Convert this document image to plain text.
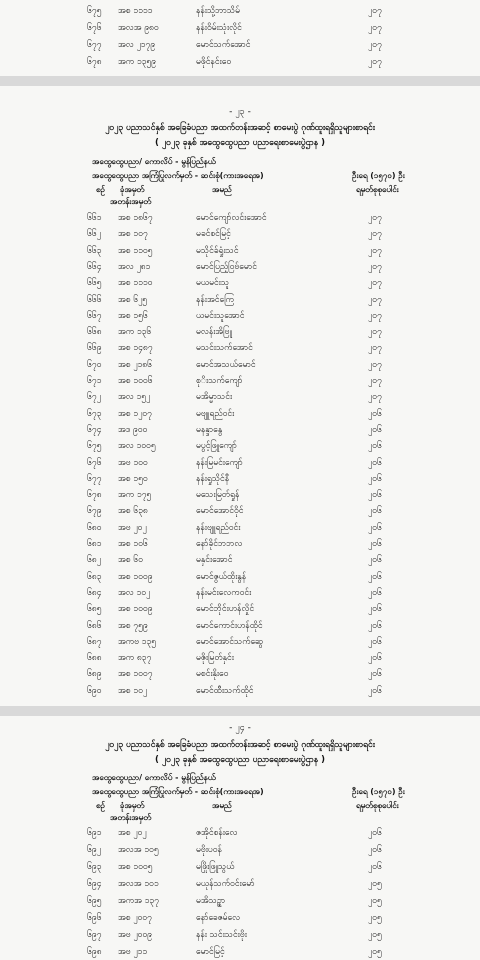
၆၇၅	အစ ၁၁၁၁	နန်းသို့ဘာသိမ်	၂၀၇
၆၇၆	အလအ ၉၈၀	နန်းဝိမ်းသုံးလိုင်	၂၀၇
၆၇၇	အလ ၂၁၇၉	မောင်သက်အောင်	၂၀၇
၆၇၈	အက ၁၃၅၉	မဖိုင်နင်းဝေ	၂၀၇
- ၂၃ -
၂၀၂၃ ပညာသင်နှစ် အခြေခံပညာ အထက်တန်းအဆင့် စာမေးပွဲ ဂုဏ်ထူးရရှိသူများစာရင်း
( ၂၀၂၃ ခုနှစ် အထွေထွေပညာ ပညာရေးစာမေးပွဲဌာန )
အထွေထွေပညာ/ ကောလိပ် - မွန်ပြည်နယ်
အထွေထွေပညာ အကြံပြုလက်မှတ် - ဆင်းစုံ(ကားအရေအ)	ဦးရေ (၁၅၇၀) ဦး
စဉ် ခုံအမှတ်	အမည်	ရမှတ်စုစုပေါင်း
အတန်းအမှတ်
၆၆၁	အစ ၁၈၆၇	မောင်ကျော်လင်းအောင်	၂၀၇
၆၆၂	အစ ၁၀၇	မခင်စင်မြင့်	၂၀၇
၆၆၃	အစ ၁၁၀၅	မသိုင်ခ်ရှုံးသင်	၂၀၇
၆၆၄	အလ ၂၈၁	မောင်ပြည့်ဝြဗ်မောင်	၂၀၇
၆၆၅	အစ ၁၁၁၀	မယမင်းသူ	၂၀၇
၆၆၆	အစ ၆၂၅	နန်းအင်ကြေ	၂၀၇
၆၆၇	အစ ၁၅၆	ယမင်းသူအောင်	၂၀၇
၆၆၈	အက ၁၃၆	မလန်းအိဗြူ	၂၀၇
၆၆၉	အစ ၁၄၈၇	မသင်းသက်အောင်	၂၀၇
၆၇၀	အစ ၂၁၈၆	မောင်အသယ်မောင်	၂၀၇
၆၇၁	အစ ၁၀၀၆	စုိးသက်ကျော်	၂၀၇
၆၇၂	အလ ၁၅၂	မအိမ္မာသင်း	၂၀၇
၆၇၃	အစ ၁၂၀၇	မဗျူရည်ဝင်း	၂၀၆
၆၇၄	အဒ ၉၀၀	မနန္ဒာနွေ	၂၀၆
၆၇၅	အလ ၁၀၀၅	မပွင့်ဖြူကျော်	၂၀၆
၆၇၆	အဗ ၁၀၀	နန်းမြမင်းကျော်	၂၀၆
၆၇၇	အစ ၁၅၀	နန်းရှုသိုင်နီ	၂၀၆
၆၇၈	အက ၁၇၅	မသေးမြတ်ရှုန်	၂၀၆
၆၇၉	အစ ၆၃၈	မောင်အောင်ဝိုင်	၂၀၆
၆၈၀	အဗ ၂၀၂	နန်းဗျူရည်ဝင်း	၂၀၆
၆၈၁	အစ ၁၀၆	နော်ခိုင်ဘဘလ	၂၀၆
၆၈၂	အစ ၆၀	မနှင်းအောင်	၂၀၆
၆၈၃	အစ ၁၀၀၉	မောင်ဇွယ်ထိုးနွန်	၂၀၆
၆၈၄	အလ ၁၀၂	နန်းမင်းလေကဝင်း	၂၀၆
၆၈၅	အစ ၁၀၀၉	မောင်ဘိုင်းဟန်လှိုင်	၂၀၆
၆၈၆	အစ ၇၅၉	မောင်ကောင်းဟန်ထိုင်	၂၀၆
၆၈၇	အကဗ ၁၃၅	မောင်အောင်သက်ဆွေ	၂၀၆
၆၈၈	အက ၈၃၇	မဇိုးမြတ်နှင်း	၂၀၆
၆၈၉	အစ ၁၀၀၇	မစင်းနိုးဝေ	၂၀၆
၆၉၀	အစ ၁၀၂	မောင်ထီးသက်ထိုင်	၂၀၆
- ၂၄ -
၂၀၂၃ ပညာသင်နှစ် အခြေခံပညာ အထက်တန်းအဆင့် စာမေးပွဲ ဂုဏ်ထူးရရှိသူများစာရင်း
( ၂၀၂၃ ခုနှစ် အထွေထွေပညာ ပညာရေးစာမေးပွဲဌာန )
အထွေထွေပညာ/ ကောလိပ် - မွန်ပြည်နယ်
အထွေထွေပညာ အကြံပြုလက်မှတ် - ဆင်းစုံ(ကားအရေအ)	ဦးရေ (၁၅၇၀) ဦး
စဉ် ခုံအမှတ်	အမည်	ရမှတ်စုစုပေါင်း
အတန်းအမှတ်
၆၉၁	အစ ၂၀၂	ဇအိုင်စန်းလေ	၂၀၆
၆၉၂	အလအ ၁၀၅	မဗိုးပဝန်	၂၀၆
၆၉၃	အစ ၁၀၀၅	မဖြိုးဖြူသွယ်	၂၀၆
၆၉၄	အလအ ၁၀၁	မယုန်သက်ဝင်းမော်	၂၀၅
၆၉၅	အကအ ၁၃၇	မအိသဥ္ဇာ	၂၀၅
၆၉၆	အစ ၂၀၀၇	နော်ခေဇမ်လေ	၂၀၅
၆၉၇	အဗ ၂၀၀၉	နန်း သင်းသင်းဗိုး	၂၀၅
၆၉၈	အဗ ၂၁၁	မောင်မြင့်	၂၀၅
